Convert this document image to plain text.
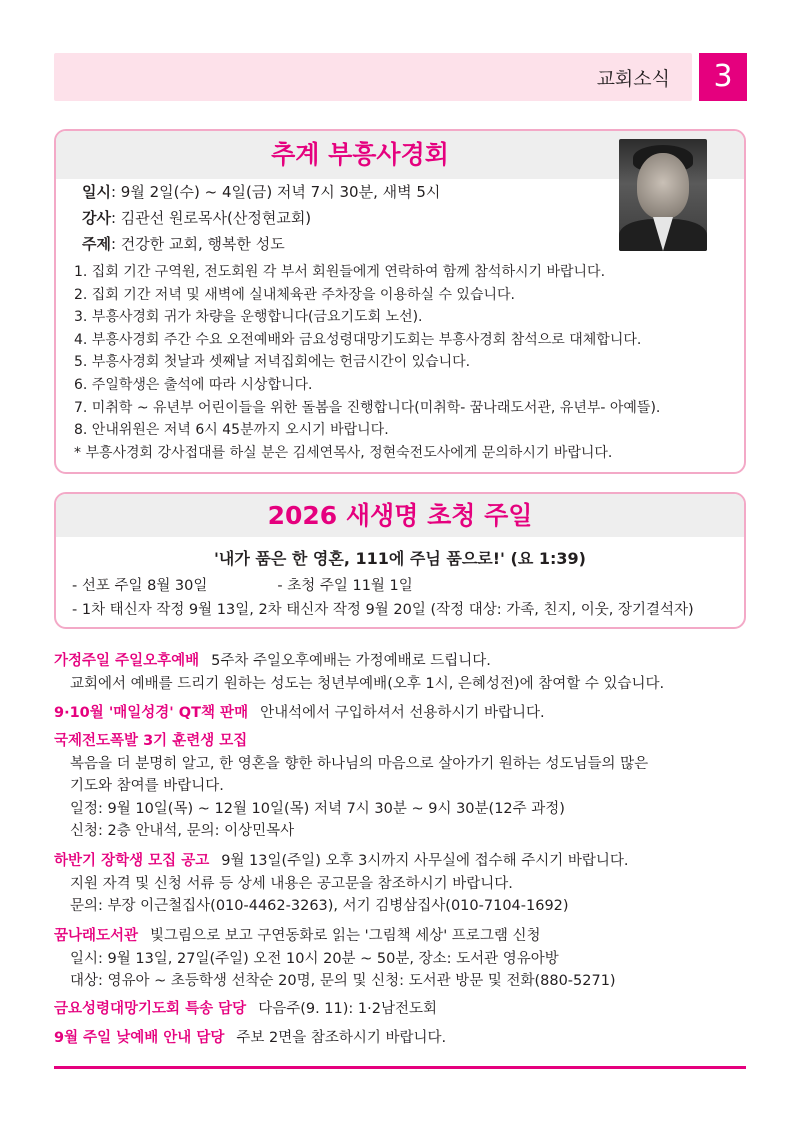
교회소식	3
추계 부흥사경회
일시: 9월 2일(수) ~ 4일(금) 저녁 7시 30분, 새벽 5시
강사: 김관선 원로목사(산정현교회)
주제: 건강한 교회, 행복한 성도
1. 집회 기간 구역원, 전도회원 각 부서 회원들에게 연락하여 함께 참석하시기 바랍니다.
2. 집회 기간 저녁 및 새벽에 실내체육관 주차장을 이용하실 수 있습니다.
3. 부흥사경회 귀가 차량을 운행합니다(금요기도회 노선).
4. 부흥사경회 주간 수요 오전예배와 금요성령대망기도회는 부흥사경회 참석으로 대체합니다.
5. 부흥사경회 첫날과 셋째날 저녁집회에는 헌금시간이 있습니다.
6. 주일학생은 출석에 따라 시상합니다.
7. 미취학 ~ 유년부 어린이들을 위한 돌봄을 진행합니다(미취학- 꿈나래도서관, 유년부- 아예뜰).
8. 안내위원은 저녁 6시 45분까지 오시기 바랍니다.
* 부흥사경회 강사접대를 하실 분은 김세연목사, 정현숙전도사에게 문의하시기 바랍니다.
2026 새생명 초청 주일
'내가 품은 한 영혼, 111에 주님 품으로!' (요 1:39)
- 선포 주일 8월 30일	- 초청 주일 11월 1일
- 1차 태신자 작정 9월 13일, 2차 태신자 작정 9월 20일 (작정 대상: 가족, 친지, 이웃, 장기결석자)
가정주일 주일오후예배 5주차 주일오후예배는 가정예배로 드립니다.
교회에서 예배를 드리기 원하는 성도는 청년부예배(오후 1시, 은혜성전)에 참여할 수 있습니다.
9·10월 '매일성경' QT책 판매 안내석에서 구입하셔서 선용하시기 바랍니다.
국제전도폭발 3기 훈련생 모집
복음을 더 분명히 알고, 한 영혼을 향한 하나님의 마음으로 살아가기 원하는 성도님들의 많은
기도와 참여를 바랍니다.
일정: 9월 10일(목) ~ 12월 10일(목) 저녁 7시 30분 ~ 9시 30분(12주 과정)
신청: 2층 안내석, 문의: 이상민목사
하반기 장학생 모집 공고 9월 13일(주일) 오후 3시까지 사무실에 접수해 주시기 바랍니다.
지원 자격 및 신청 서류 등 상세 내용은 공고문을 참조하시기 바랍니다.
문의: 부장 이근철집사(010-4462-3263), 서기 김병삼집사(010-7104-1692)
꿈나래도서관 빛그림으로 보고 구연동화로 읽는 '그림책 세상' 프로그램 신청
일시: 9월 13일, 27일(주일) 오전 10시 20분 ~ 50분, 장소: 도서관 영유아방
대상: 영유아 ~ 초등학생 선착순 20명, 문의 및 신청: 도서관 방문 및 전화(880-5271)
금요성령대망기도회 특송 담당 다음주(9. 11): 1·2남전도회
9월 주일 낮예배 안내 담당 주보 2면을 참조하시기 바랍니다.
